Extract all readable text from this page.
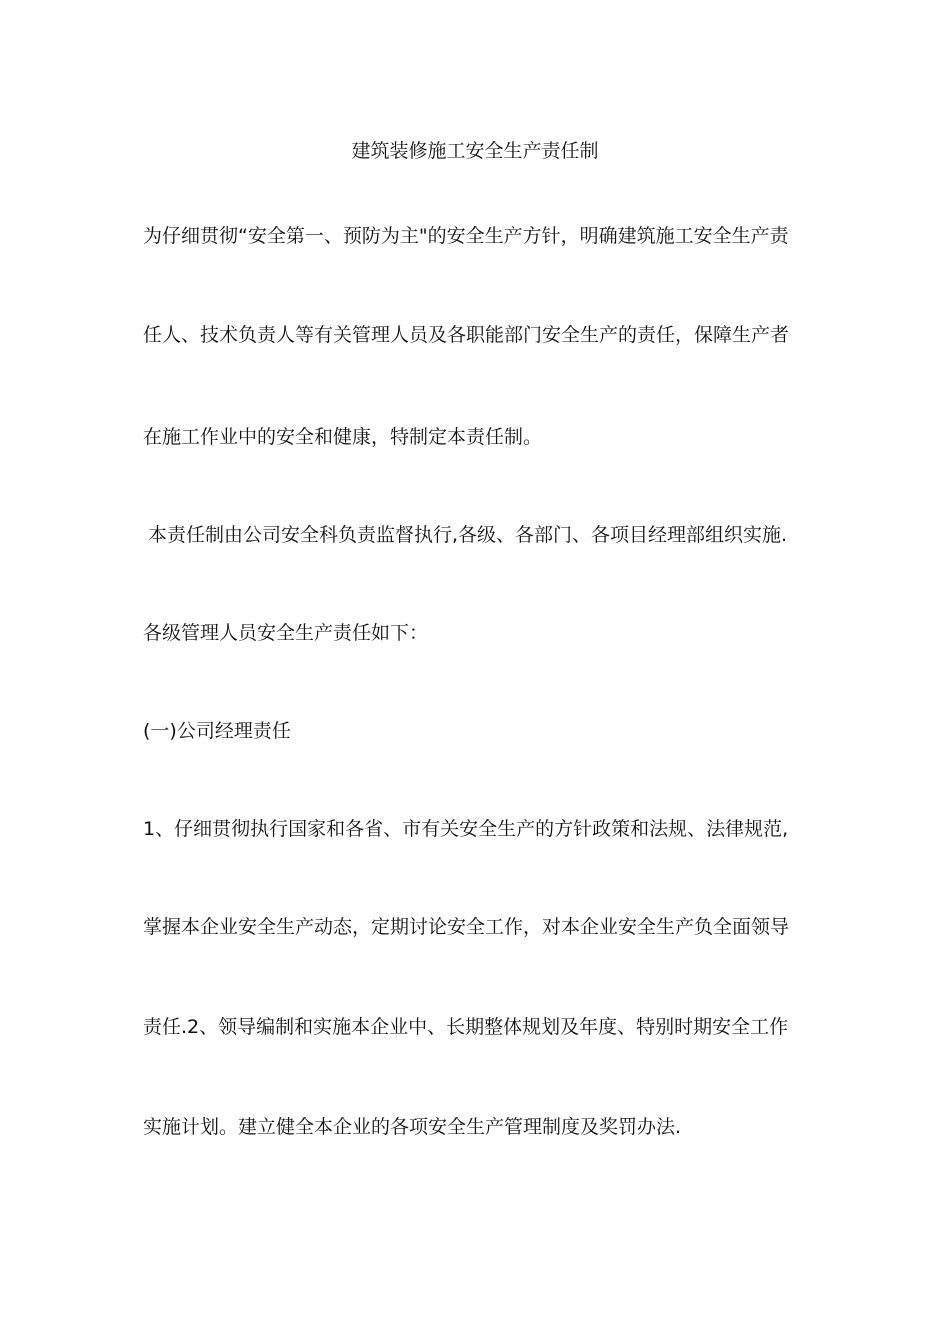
建筑装修施工安全生产责任制
为仔细贯彻“安全第一、预防为主"的安全生产方针，明确建筑施工安全生产责
任人、技术负责人等有关管理人员及各职能部门安全生产的责任，保障生产者
在施工作业中的安全和健康，特制定本责任制。
本责任制由公司安全科负责监督执行,各级、各部门、各项目经理部组织实施.
各级管理人员安全生产责任如下：
(一)公司经理责任
1、仔细贯彻执行国家和各省、市有关安全生产的方针政策和法规、法律规范,
掌握本企业安全生产动态，定期讨论安全工作，对本企业安全生产负全面领导
责任.2、领导编制和实施本企业中、长期整体规划及年度、特别时期安全工作
实施计划。建立健全本企业的各项安全生产管理制度及奖罚办法.
